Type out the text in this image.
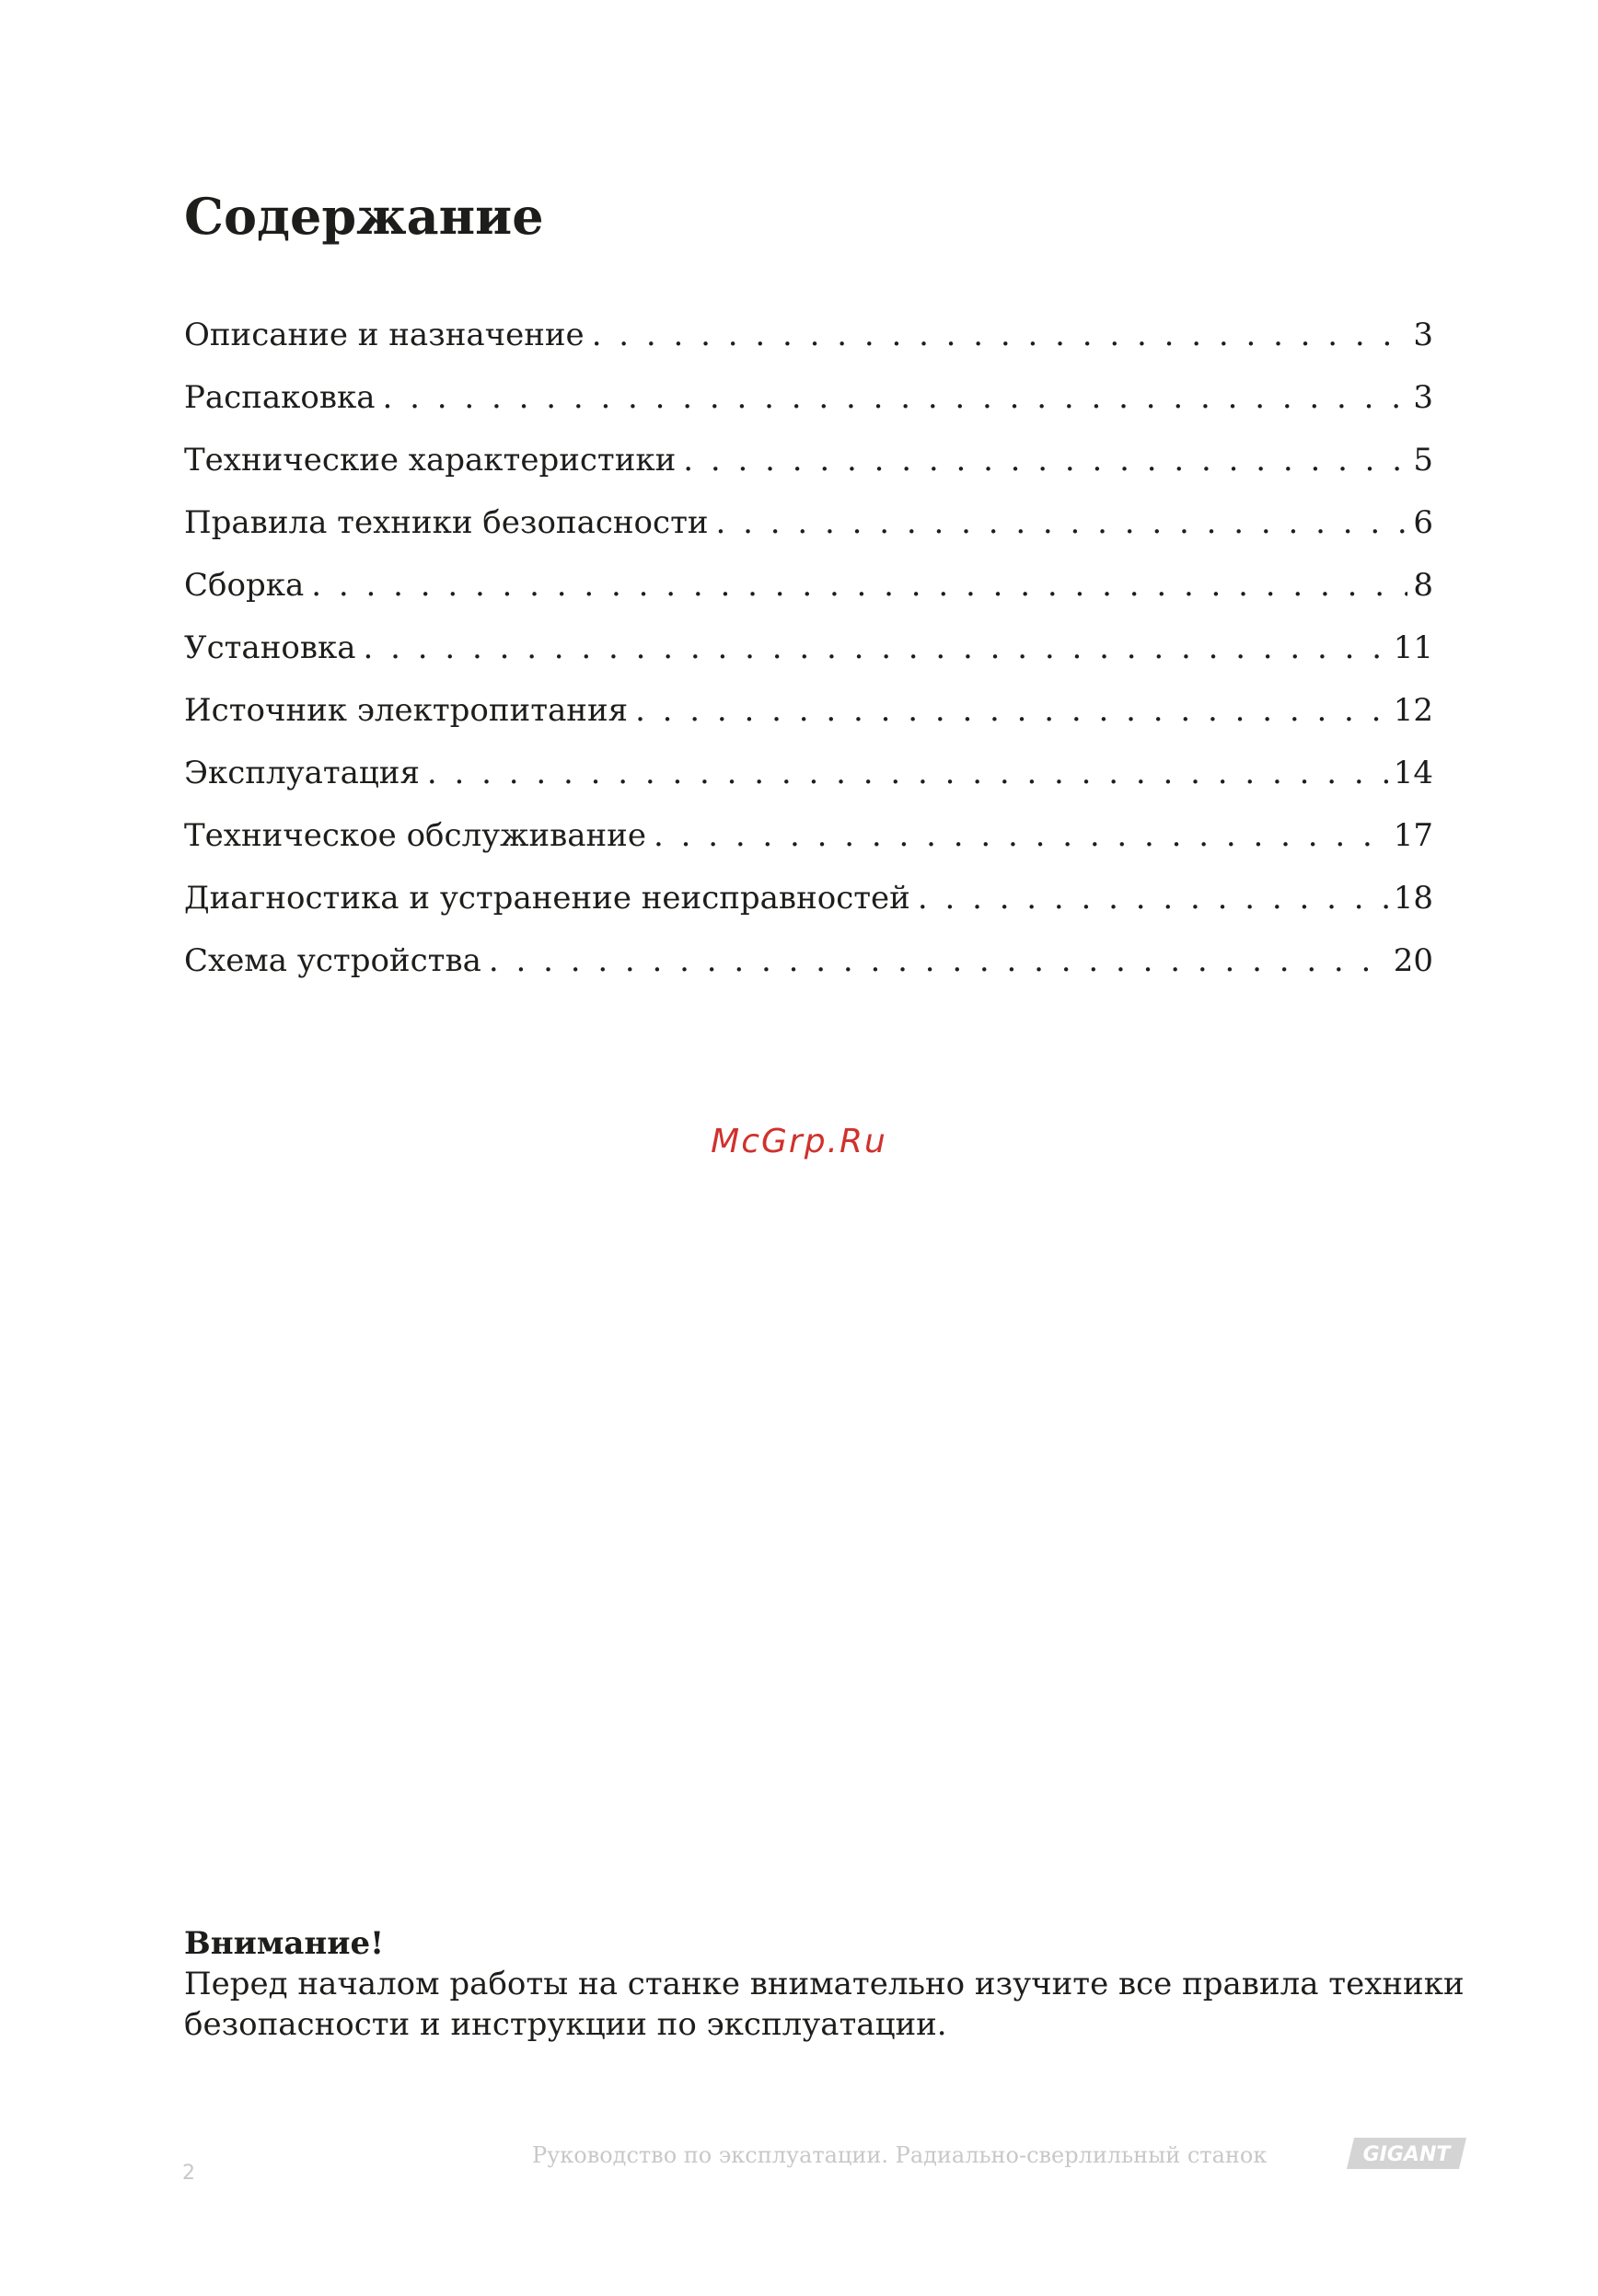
Содержание
Описание и назначение . . .	3
Распаковка . . .	3
Технические характеристики . . .	5
Правила техники безопасности . . .	6
Сборка . . .	8
Установка . . .	11
Источник электропитания . . .	12
Эксплуатация . . .	14
Техническое обслуживание . . .	17
Диагностика и устранение неисправностей . . .	18
Схема устройства . . .	20
McGrp.Ru

Внимание!

Перед началом работы на станке внимательно изучите все правила техники безопасности и инструкции по эксплуатации.

2
Руководство по эксплуатации. Радиально-сверлильный станок	GIGANT
